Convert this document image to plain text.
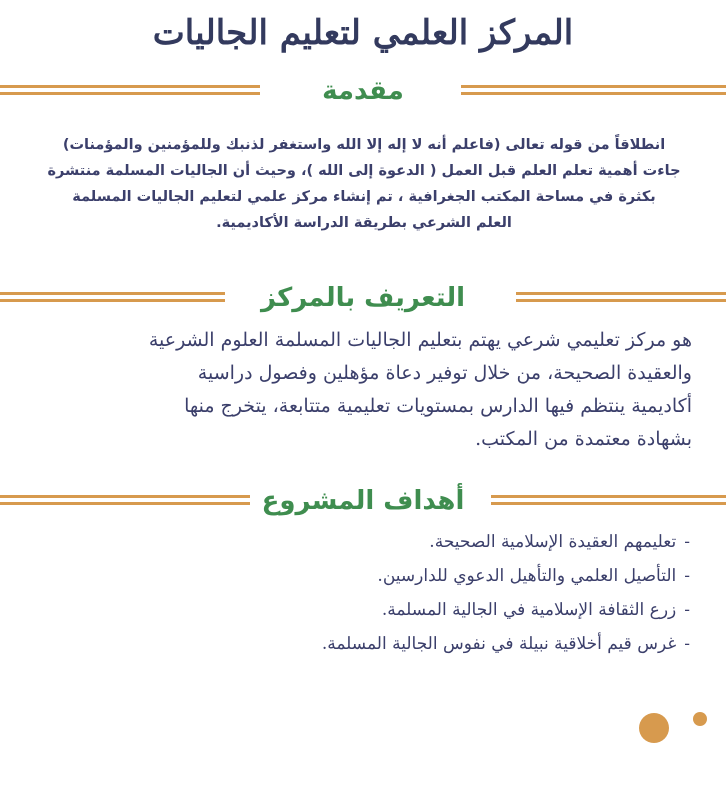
المركز العلمي لتعليم الجاليات
مقدمة

انطلاقاً من قوله تعالى (فاعلم أنه لا إله إلا الله واستغفر لذنبك وللمؤمنين والمؤمنات)
جاءت أهمية تعلم العلم قبل العمل ( الدعوة إلى الله )، وحيث أن الجاليات المسلمة منتشرة
بكثرة في مساحة المكتب الجغرافية ، تم إنشاء مركز علمي لتعليم الجاليات المسلمة
العلم الشرعي بطريقة الدراسة الأكاديمية.

التعريف بالمركز

هو مركز تعليمي شرعي يهتم بتعليم الجاليات المسلمة العلوم الشرعية
والعقيدة الصحيحة، من خلال توفير دعاة مؤهلين وفصول دراسية
أكاديمية ينتظم فيها الدارس بمستويات تعليمية متتابعة، يتخرج منها
بشهادة معتمدة من المكتب.

أهداف المشروع
-تعليمهم العقيدة الإسلامية الصحيحة.
-التأصيل العلمي والتأهيل الدعوي للدارسين.
-زرع الثقافة الإسلامية في الجالية المسلمة.
-غرس قيم أخلاقية نبيلة في نفوس الجالية المسلمة.
